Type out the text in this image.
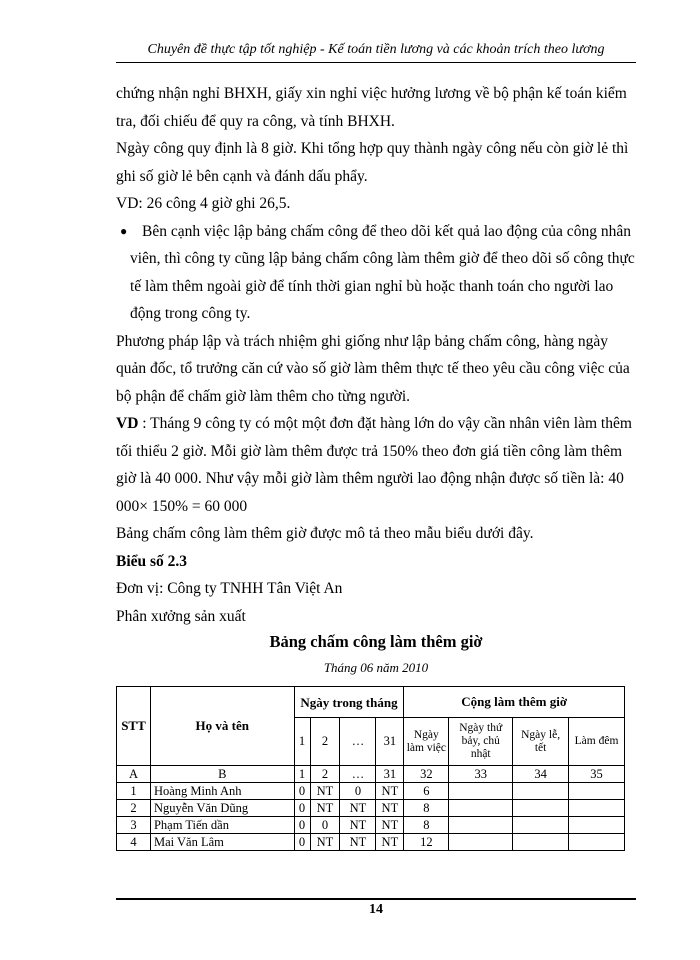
Chuyên đề thực tập tốt nghiệp - Kế toán tiền lương và các khoản trích theo lương

chứng nhận nghỉ BHXH, giấy xin nghỉ việc hưởng lương về bộ phận kế toán kiểm tra, đối chiếu để quy ra công, và tính BHXH.

Ngày công quy định là 8 giờ. Khi tổng hợp quy thành ngày công nếu còn giờ lẻ thì ghi số giờ lẻ bên cạnh và đánh dấu phẩy.

VD: 26 công 4 giờ ghi 26,5.

● Bên cạnh việc lập bảng chấm công để theo dõi kết quả lao động của công nhân viên, thì công ty cũng lập bảng chấm công làm thêm giờ để theo dõi số công thực tế làm thêm ngoài giờ để tính thời gian nghỉ bù hoặc thanh toán cho người lao động trong công ty.

Phương pháp lập và trách nhiệm ghi giống như lập bảng chấm công, hàng ngày quản đốc, tổ trưởng căn cứ vào số giờ làm thêm thực tế theo yêu cầu công việc của bộ phận để chấm giờ làm thêm cho từng người.

VD : Tháng 9 công ty có một một đơn đặt hàng lớn do vậy cần nhân viên làm thêm tối thiểu 2 giờ. Mỗi giờ làm thêm được trả 150% theo đơn giá tiền công làm thêm giờ là 40 000. Như vậy mỗi giờ làm thêm người lao động nhận được số tiền là: 40 000× 150% = 60 000

Bảng chấm công làm thêm giờ được mô tả theo mẫu biểu dưới đây.

Biểu số 2.3

Đơn vị: Công ty TNHH Tân Việt An

Phân xưởng sản xuất

Bảng chấm công làm thêm giờ
Tháng 06 năm 2010
STT	Họ và tên	Ngày trong tháng				Cộng làm thêm giờ			
		1	2	…	31	Ngày làm việc	Ngày thứ bảy, chủ nhật	Ngày lễ, tết	Làm đêm
A	B	1	2	…	31	32	33	34	35
1	Hoàng Minh Anh	0	NT	0	NT	6			
2	Nguyễn Văn Dũng	0	NT	NT	NT	8			
3	Phạm Tiến dần	0	0	NT	NT	8			
4	Mai Văn Lâm	0	NT	NT	NT	12			
14
